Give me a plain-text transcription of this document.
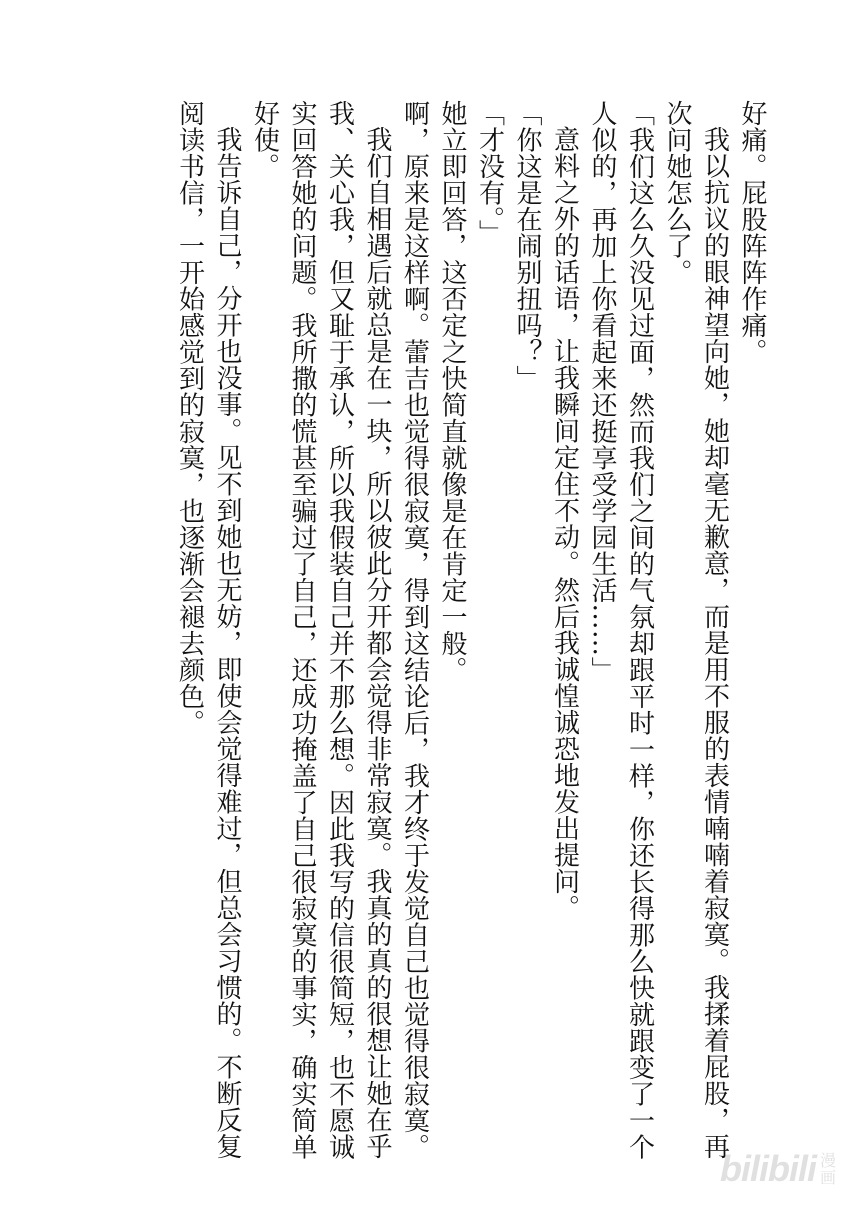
好痛。屁股阵阵作痛。

我以抗议的眼神望向她，她却毫无歉意，而是用不服的表情喃喃着寂寞。我揉着屁股，再次问她怎么了。

「我们这么久没见过面，然而我们之间的气氛却跟平时一样，你还长得那么快就跟变了一个人似的，再加上你看起来还挺享受学园生活……」

意料之外的话语，让我瞬间定住不动。然后我诚惶诚恐地发出提问。

「你这是在闹别扭吗？」

「才没有。」

她立即回答，这否定之快简直就像是在肯定一般。

啊，原来是这样啊。蕾吉也觉得很寂寞，得到这结论后，我才终于发觉自己也觉得很寂寞。

我们自相遇后就总是在一块，所以彼此分开都会觉得非常寂寞。我真的真的很想让她在乎我、关心我，但又耻于承认，所以我假装自己并不那么想。因此我写的信很简短，也不愿诚实回答她的问题。我所撒的慌甚至骗过了自己，还成功掩盖了自己很寂寞的事实，确实简单好使。

我告诉自己，分开也没事。见不到她也无妨，即使会觉得难过，但总会习惯的。不断反复阅读书信，一开始感觉到的寂寞，也逐渐会褪去颜色。

bilibili 漫
画
